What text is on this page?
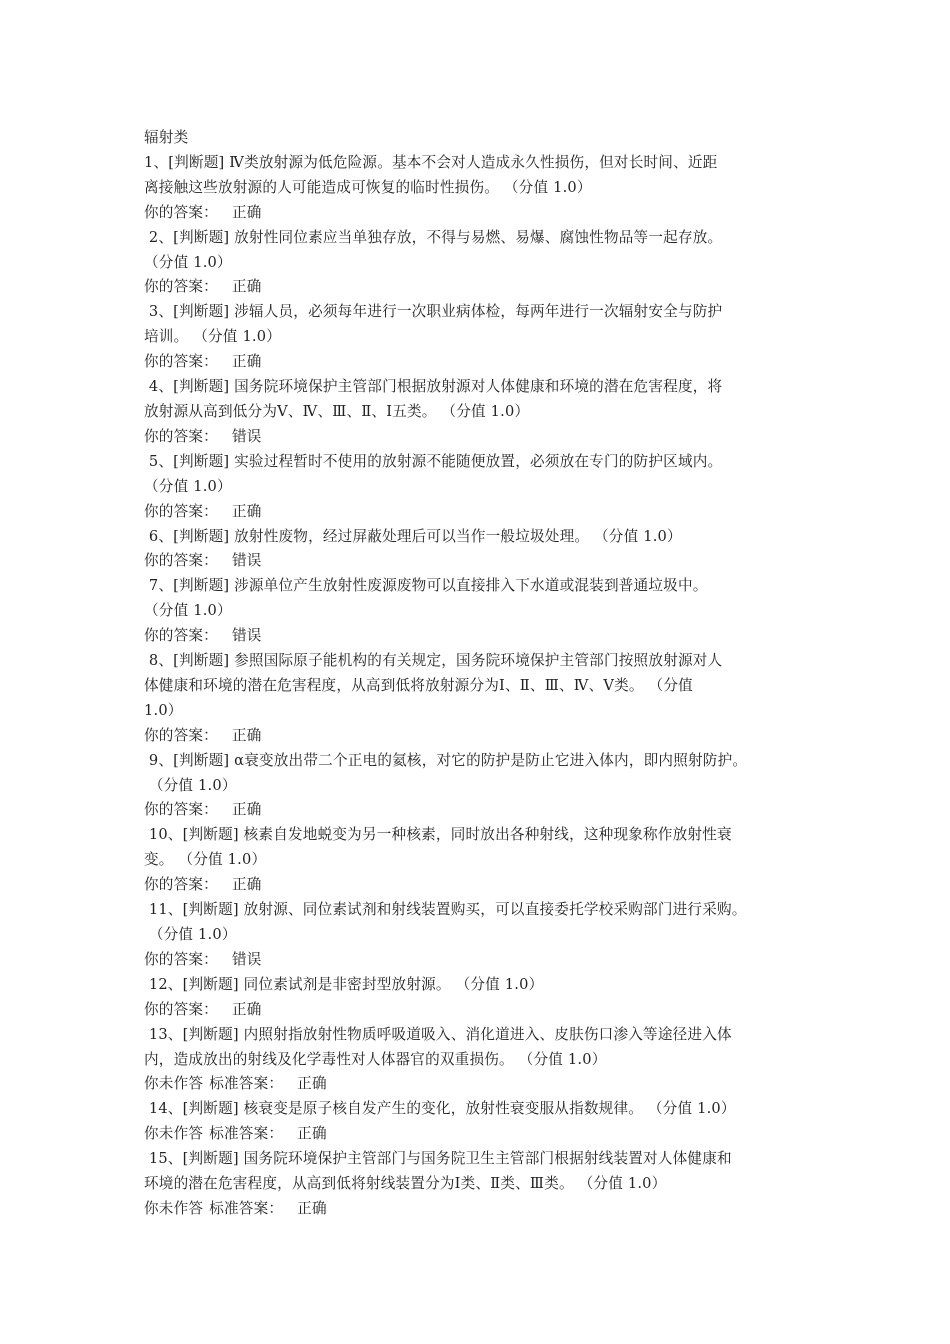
辐射类
1、[判断题] Ⅳ类放射源为低危险源。基本不会对人造成永久性损伤，但对长时间、近距
离接触这些放射源的人可能造成可恢复的临时性损伤。 （分值 1.0）
你的答案： 正确
2、[判断题] 放射性同位素应当单独存放，不得与易燃、易爆、腐蚀性物品等一起存放。
（分值 1.0）
你的答案： 正确
3、[判断题] 涉辐人员，必须每年进行一次职业病体检，每两年进行一次辐射安全与防护
培训。 （分值 1.0）
你的答案： 正确
4、[判断题] 国务院环境保护主管部门根据放射源对人体健康和环境的潜在危害程度，将
放射源从高到低分为Ⅴ、Ⅳ、Ⅲ、Ⅱ、Ⅰ五类。 （分值 1.0）
你的答案： 错误
5、[判断题] 实验过程暂时不使用的放射源不能随便放置，必须放在专门的防护区域内。
（分值 1.0）
你的答案： 正确
6、[判断题] 放射性废物，经过屏蔽处理后可以当作一般垃圾处理。 （分值 1.0）
你的答案： 错误
7、[判断题] 涉源单位产生放射性废源废物可以直接排入下水道或混装到普通垃圾中。
（分值 1.0）
你的答案： 错误
8、[判断题] 参照国际原子能机构的有关规定，国务院环境保护主管部门按照放射源对人
体健康和环境的潜在危害程度，从高到低将放射源分为Ⅰ、Ⅱ、Ⅲ、Ⅳ、Ⅴ类。 （分值
1.0）
你的答案： 正确
9、[判断题] α衰变放出带二个正电的氦核，对它的防护是防止它进入体内，即内照射防护。
（分值 1.0）
你的答案： 正确
10、[判断题] 核素自发地蜕变为另一种核素，同时放出各种射线，这种现象称作放射性衰
变。 （分值 1.0）
你的答案： 正确
11、[判断题] 放射源、同位素试剂和射线装置购买，可以直接委托学校采购部门进行采购。
（分值 1.0）
你的答案： 错误
12、[判断题] 同位素试剂是非密封型放射源。 （分值 1.0）
你的答案： 正确
13、[判断题] 内照射指放射性物质呼吸道吸入、消化道进入、皮肤伤口渗入等途径进入体
内，造成放出的射线及化学毒性对人体器官的双重损伤。 （分值 1.0）
你未作答 标准答案： 正确
14、[判断题] 核衰变是原子核自发产生的变化，放射性衰变服从指数规律。 （分值 1.0）
你未作答 标准答案： 正确
15、[判断题] 国务院环境保护主管部门与国务院卫生主管部门根据射线装置对人体健康和
环境的潜在危害程度，从高到低将射线装置分为Ⅰ类、Ⅱ类、Ⅲ类。 （分值 1.0）
你未作答 标准答案： 正确
